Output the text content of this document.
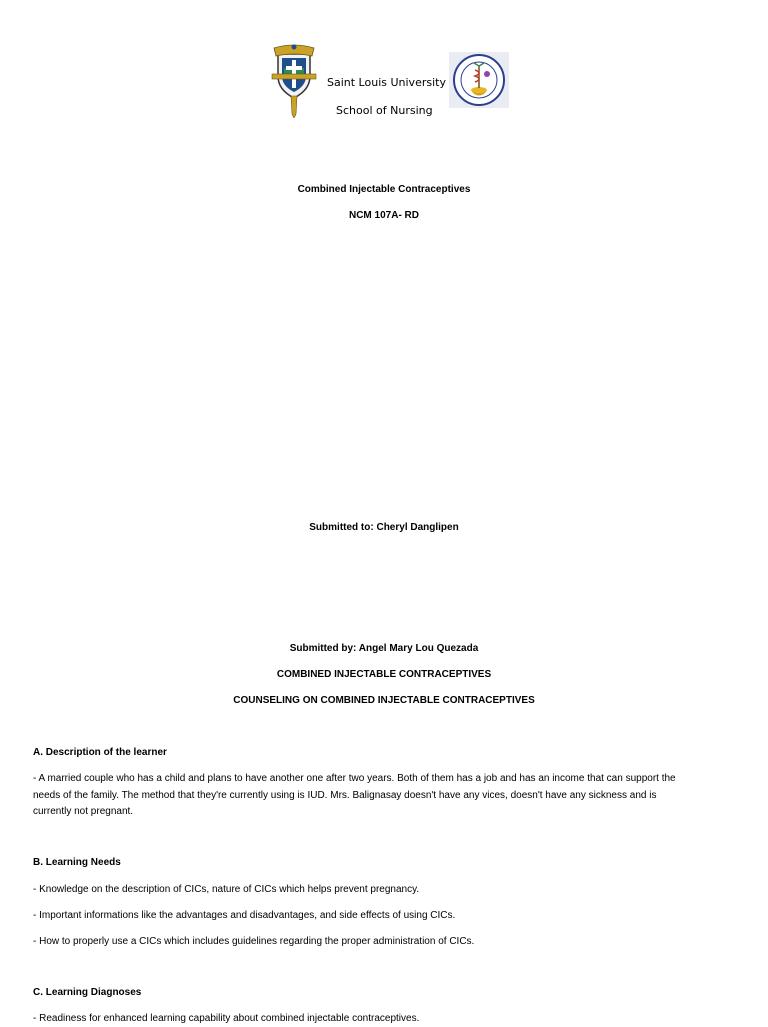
Saint Louis University
School of Nursing
Combined Injectable Contraceptives
NCM 107A- RD
Submitted to: Cheryl Danglipen
Submitted by: Angel Mary Lou Quezada
COMBINED INJECTABLE CONTRACEPTIVES
COUNSELING ON COMBINED INJECTABLE CONTRACEPTIVES
A. Description of the learner
- A married couple who has a child and plans to have another one after two years. Both of them has a job and has an income that can support the
needs of the family. The method that they're currently using is IUD. Mrs. Balignasay doesn't have any vices, doesn't have any sickness and is
currently not pregnant.
B. Learning Needs
- Knowledge on the description of CICs, nature of CICs which helps prevent pregnancy.
- Important informations like the advantages and disadvantages, and side effects of using CICs.
- How to properly use a CICs which includes guidelines regarding the proper administration of CICs.
C. Learning Diagnoses
- Readiness for enhanced learning capability about combined injectable contraceptives.
